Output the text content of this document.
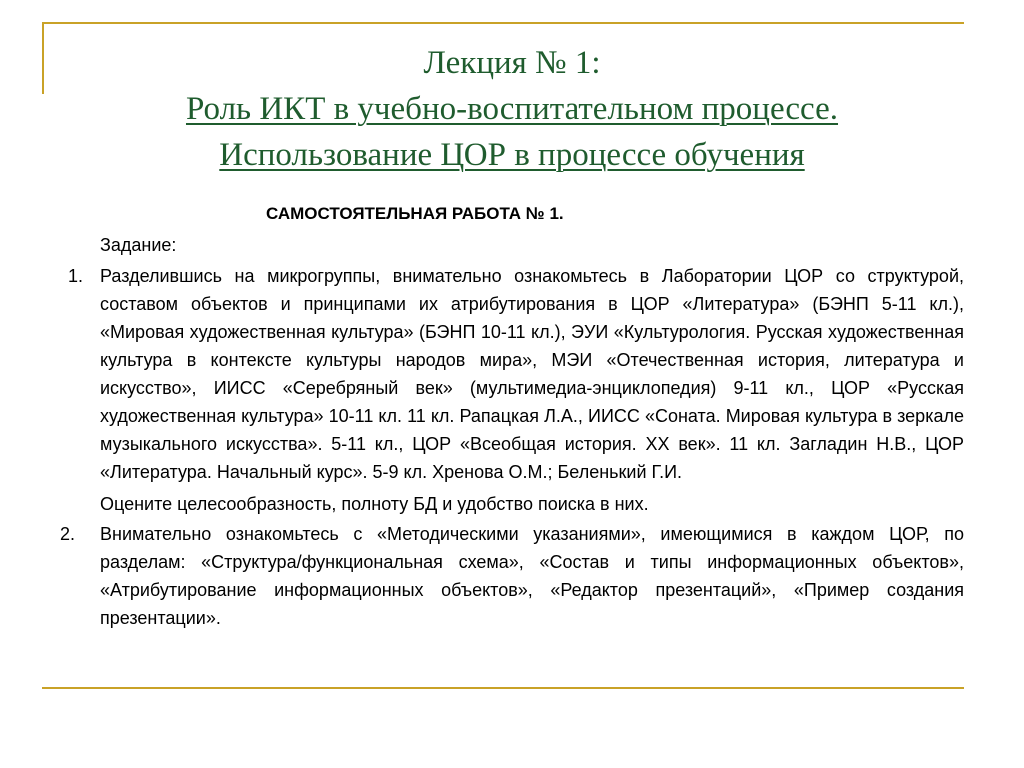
Лекция № 1:
Роль ИКТ в учебно-воспитательном процессе.
Использование ЦОР в процессе обучения
САМОСТОЯТЕЛЬНАЯ РАБОТА № 1.
Задание:
1. Разделившись на микрогруппы, внимательно ознакомьтесь в Лаборатории ЦОР со структурой, составом объектов и принципами их атрибутирования в ЦОР «Литература» (БЭНП 5-11 кл.), «Мировая художественная культура» (БЭНП 10-11 кл.), ЭУИ «Культурология. Русская художественная культура в контексте культуры народов мира», МЭИ «Отечественная история, литература и искусство», ИИСС «Серебряный век» (мультимедиа-энциклопедия) 9-11 кл., ЦОР «Русская художественная культура» 10-11 кл. 11 кл. Рапацкая Л.А., ИИСС «Соната. Мировая культура в зеркале музыкального искусства». 5-11 кл., ЦОР «Всеобщая история. XX век». 11 кл. Загладин Н.В., ЦОР «Литература. Начальный курс». 5-9 кл. Хренова О.М.; Беленький Г.И.
Оцените целесообразность, полноту БД и удобство поиска в них.
2.	Внимательно ознакомьтесь с «Методическими указаниями», имеющимися в каждом ЦОР, по разделам: «Структура/функциональная схема», «Состав и типы информационных объектов», «Атрибутирование информационных объектов», «Редактор презентаций», «Пример создания презентации».
